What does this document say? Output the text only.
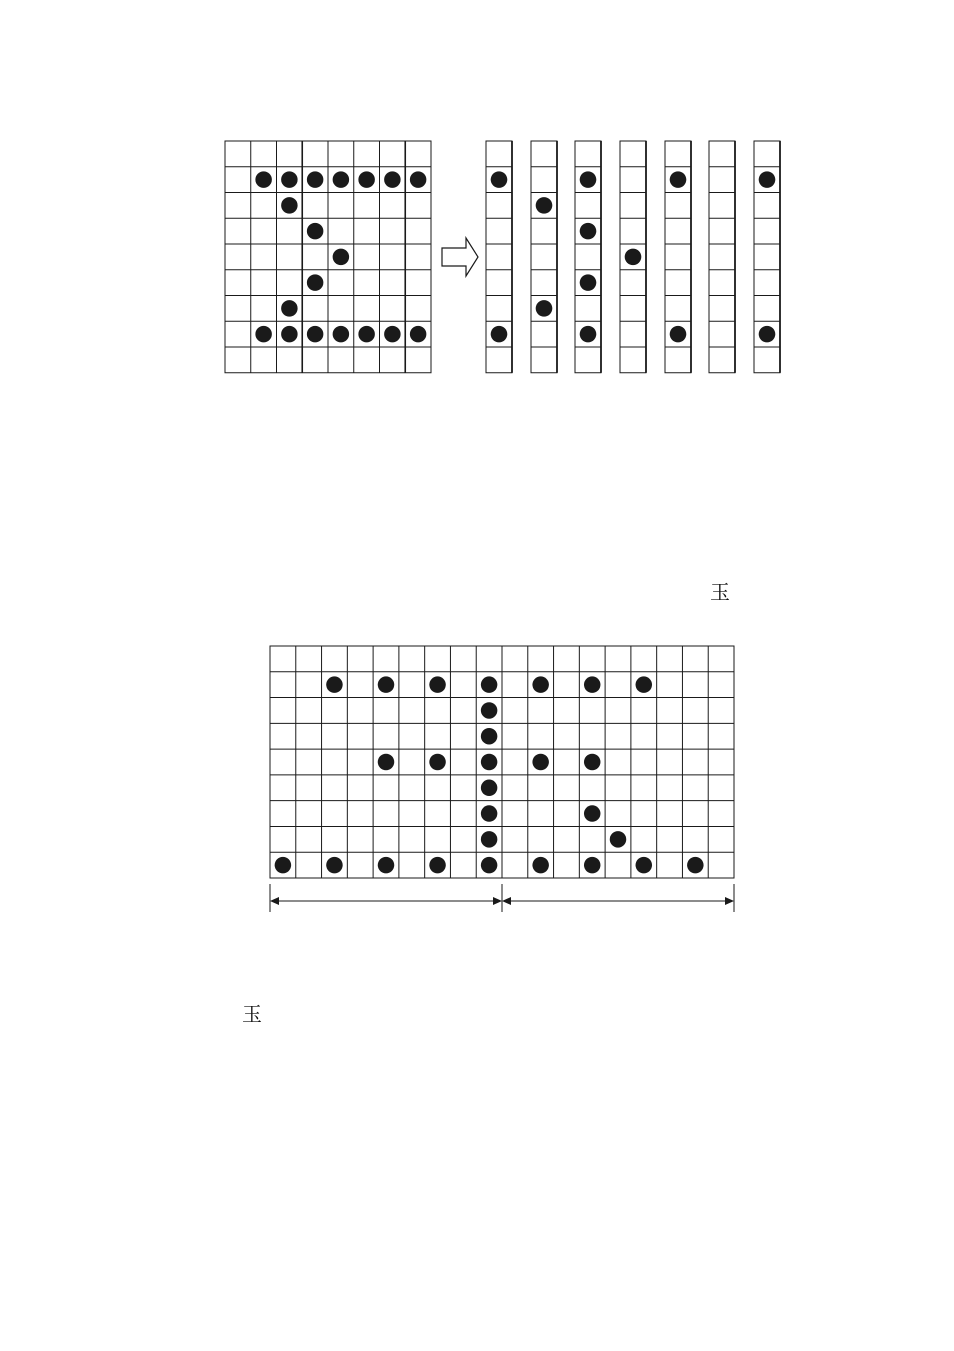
玉
玉
